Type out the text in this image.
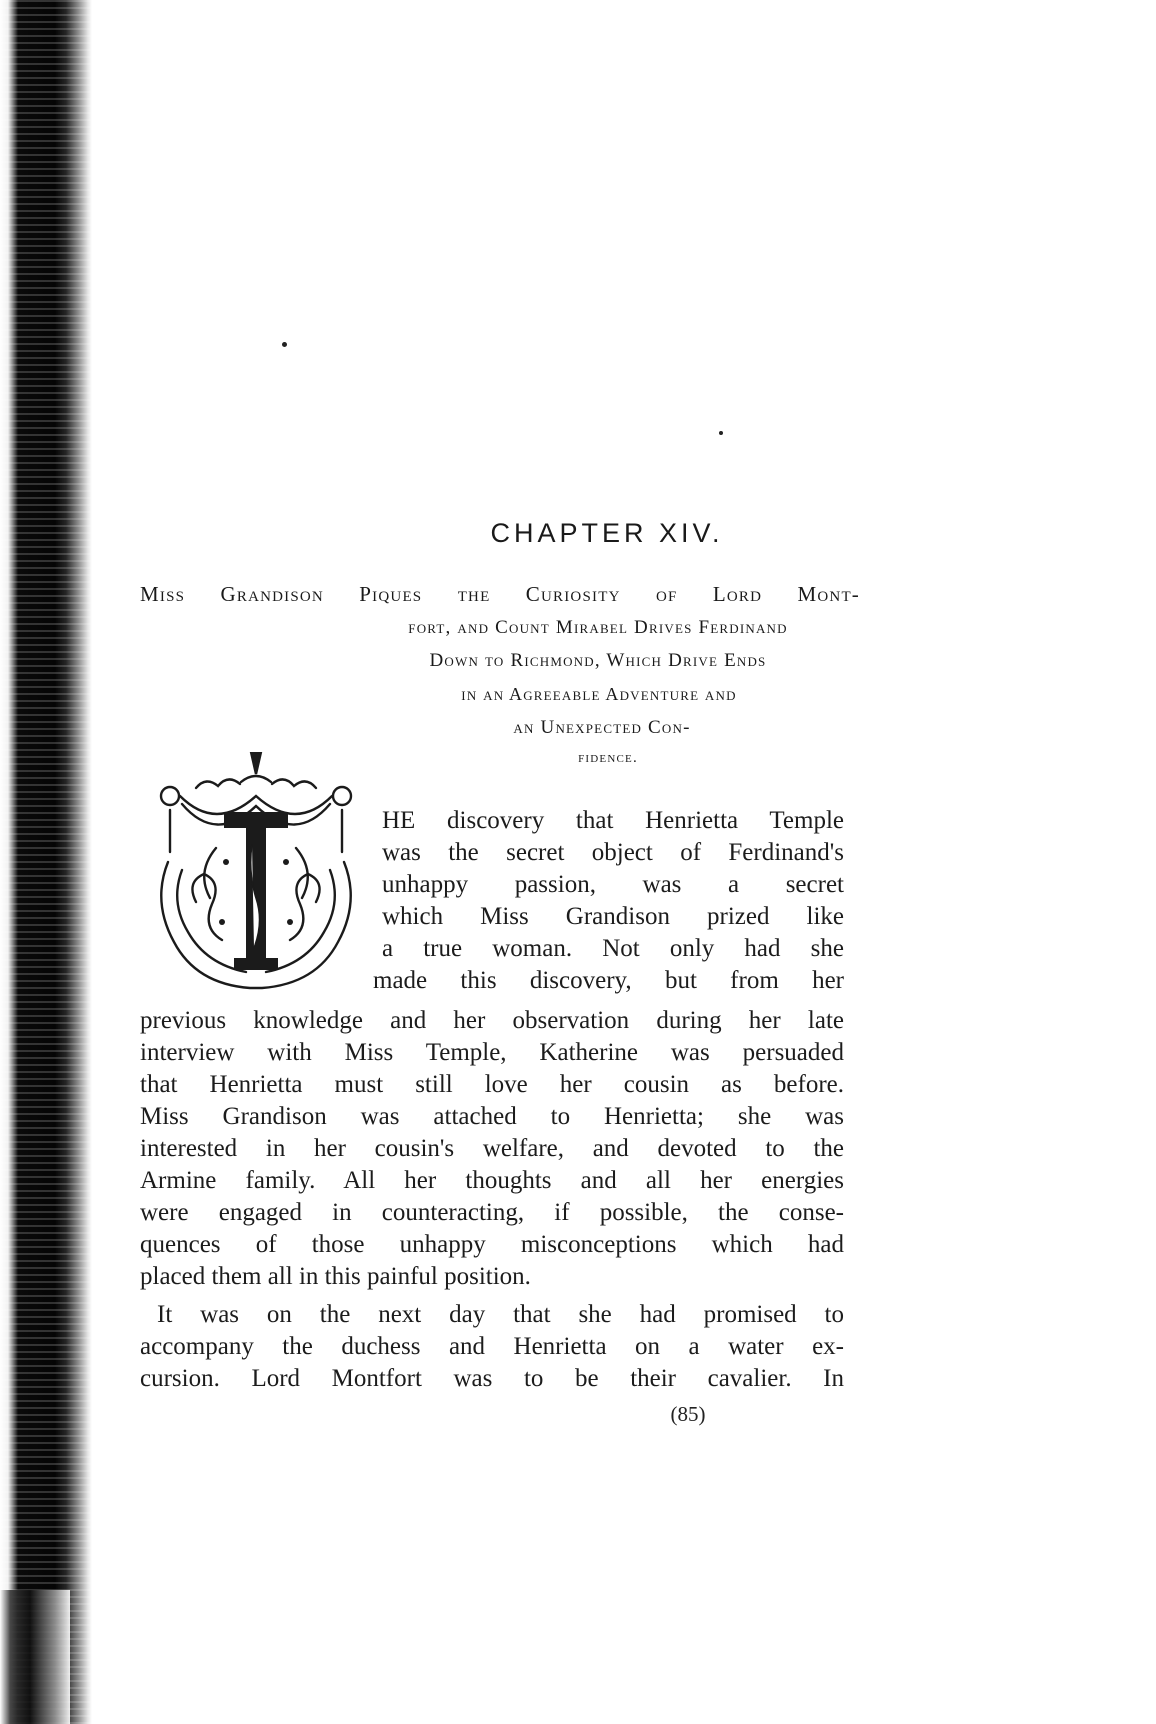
CHAPTER XIV.
Miss Grandison Piques the Curiosity of Lord Mont-
fort, and Count Mirabel Drives Ferdinand
Down to Richmond, Which Drive Ends
in an Agreeable Adventure and
an Unexpected Con-
fidence.
HE discovery that Henrietta Temple
was the secret object of Ferdinand's
unhappy passion, was a secret
which Miss Grandison prized like
a true woman. Not only had she
made this discovery, but from her
previous knowledge and her observation during her late
interview with Miss Temple, Katherine was persuaded
that Henrietta must still love her cousin as before.
Miss Grandison was attached to Henrietta; she was
interested in her cousin's welfare, and devoted to the
Armine family. All her thoughts and all her energies
were engaged in counteracting, if possible, the conse-
quences of those unhappy misconceptions which had
placed them all in this painful position.
It was on the next day that she had promised to
accompany the duchess and Henrietta on a water ex-
cursion. Lord Montfort was to be their cavalier. In
(85)
